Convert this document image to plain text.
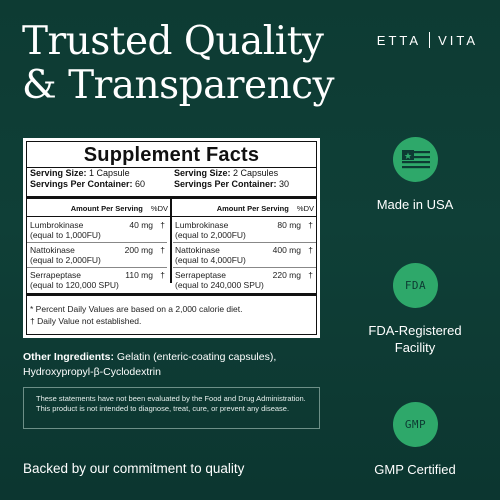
Trusted Quality
& Transparency
ETTA VITA
Supplement Facts
Serving Size: 1 Capsule
Servings Per Container: 60
Serving Size: 2 Capsules
Servings Per Container: 30
Amount Per Serving %DV	Amount Per Serving %DV
Lumbrokinase	40 mg †
(equal to 1,000FU)
Nattokinase	200 mg †
(equal to 2,000FU)
Serrapeptase	110 mg †
(equal to 120,000 SPU)
Lumbrokinase	80 mg †
(equal to 2,000FU)
Nattokinase	400 mg †
(equal to 4,000FU)
Serrapeptase	220 mg †
(equal to 240,000 SPU)
* Percent Daily Values are based on a 2,000 calorie diet.
† Daily Value not established.
Other Ingredients: Gelatin (enteric-coating capsules),
Hydroxypropyl-β-Cyclodextrin
These statements have not been evaluated by the Food and Drug Administration. This product is not intended to diagnose, treat, cure, or prevent any disease.
Backed by our commitment to quality
Made in USA
FDA
FDA-Registered
Facility
GMP
GMP Certified
